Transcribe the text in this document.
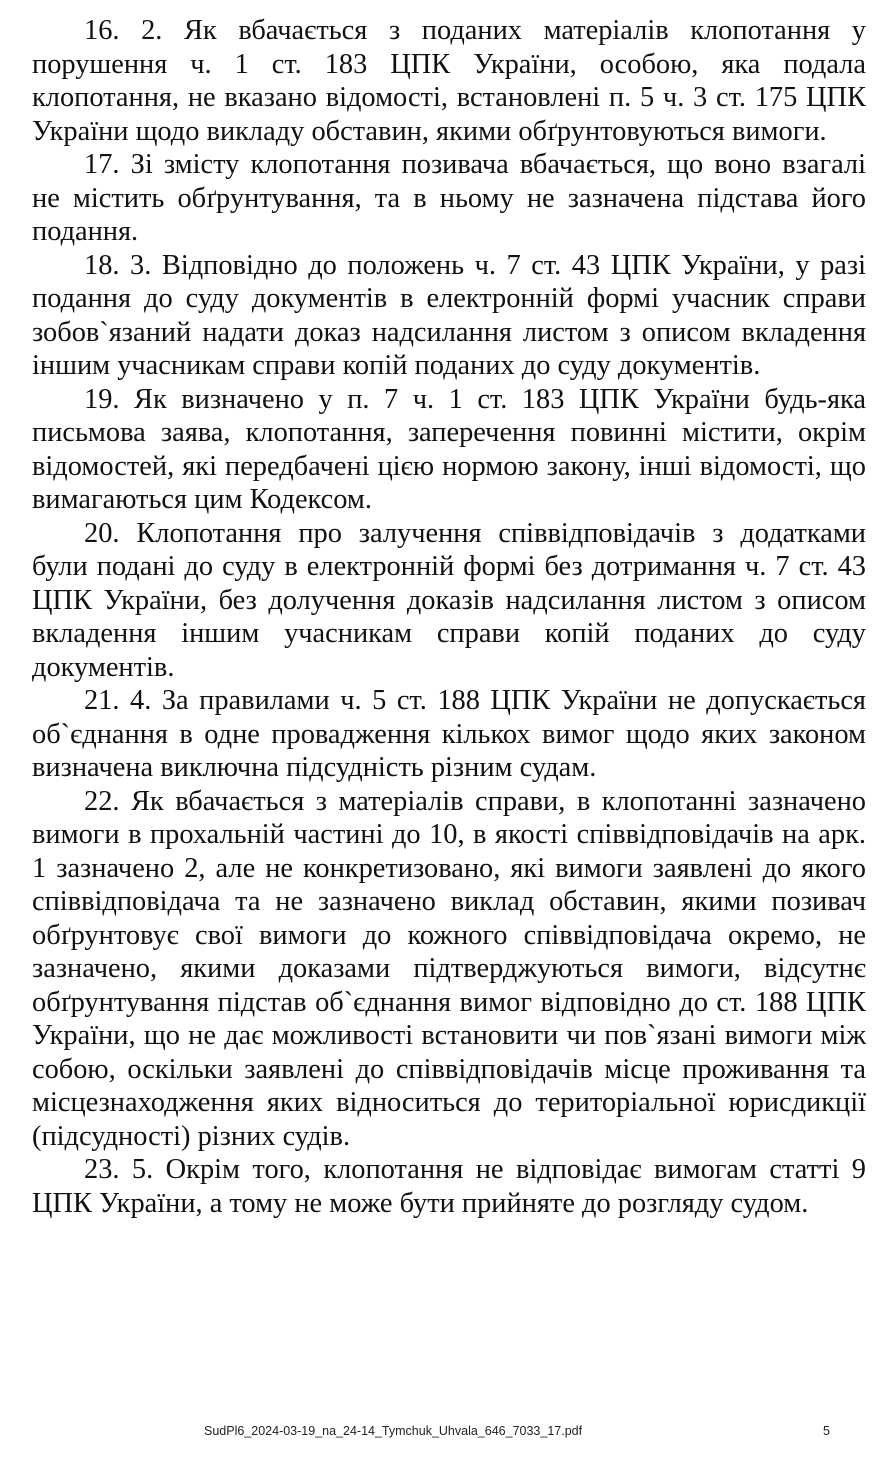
16. 2. Як вбачається з поданих матеріалів клопотання у порушення ч. 1 ст. 183 ЦПК України, особою, яка подала клопотання, не вказано відомості, встановлені п. 5 ч. 3 ст. 175 ЦПК України щодо викладу обставин, якими обґрунтовуються вимоги.

17. Зі змісту клопотання позивача вбачається, що воно взагалі не містить обґрунтування, та в ньому не зазначена підстава його подання.

18. 3. Відповідно до положень ч. 7 ст. 43 ЦПК України, у разі подання до суду документів в електронній формі учасник справи зобов`язаний надати доказ надсилання листом з описом вкладення іншим учасникам справи копій поданих до суду документів.

19. Як визначено у п. 7 ч. 1 ст. 183 ЦПК України будь-яка письмова заява, клопотання, заперечення повинні містити, окрім відомостей, які передбачені цією нормою закону, інші відомості, що вимагаються цим Кодексом.

20. Клопотання про залучення співвідповідачів з додатками були подані до суду в електронній формі без дотримання ч. 7 ст. 43 ЦПК України, без долучення доказів надсилання листом з описом вкладення іншим учасникам справи копій поданих до суду документів.

21. 4. За правилами ч. 5 ст. 188 ЦПК України не допускається об`єднання в одне провадження кількох вимог щодо яких законом визначена виключна підсудність різним судам.

22. Як вбачається з матеріалів справи, в клопотанні зазначено вимоги в прохальній частині до 10, в якості співвідповідачів на арк. 1 зазначено 2, але не конкретизовано, які вимоги заявлені до якого співвідповідача та не зазначено виклад обставин, якими позивач обґрунтовує свої вимоги до кожного співвідповідача окремо, не зазначено, якими доказами підтверджуються вимоги, відсутнє обґрунтування підстав об`єднання вимог відповідно до ст. 188 ЦПК України, що не дає можливості встановити чи пов`язані вимоги між собою, оскільки заявлені до співвідповідачів місце проживання та місцезнаходження яких відноситься до територіальної юрисдикції (підсудності) різних судів.

23. 5. Окрім того, клопотання не відповідає вимогам статті 9 ЦПК України, а тому не може бути прийняте до розгляду судом.

SudPl6_2024-03-19_na_24-14_Tymchuk_Uhvala_646_7033_17.pdf	5
